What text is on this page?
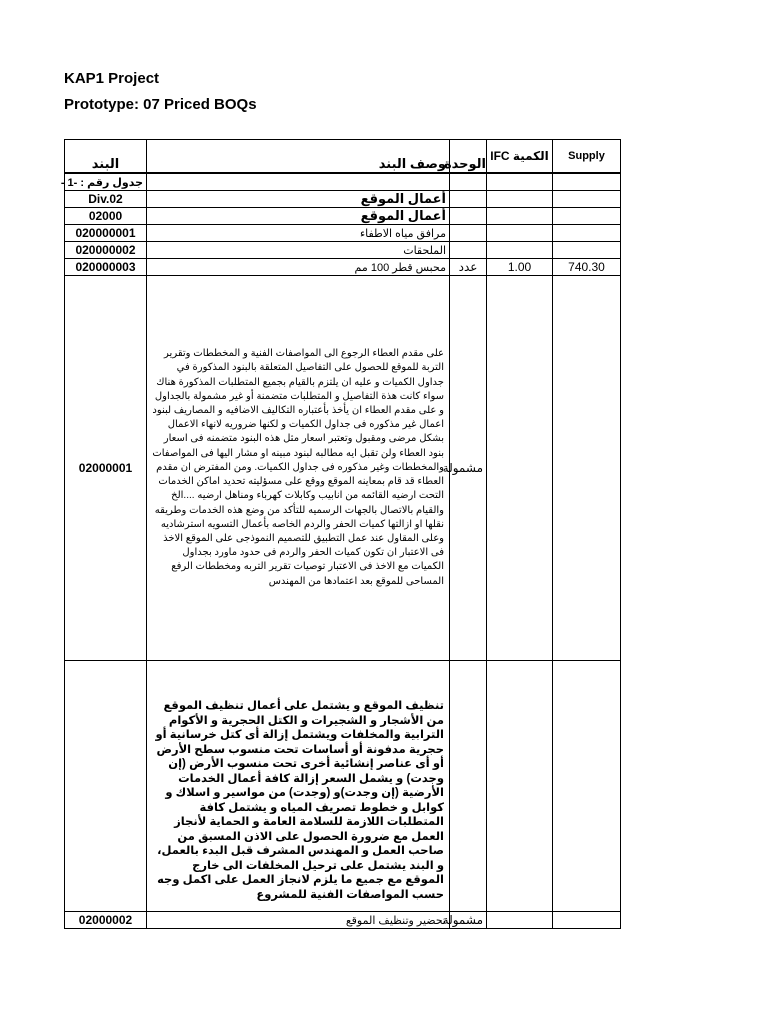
KAP1 Project
Prototype: 07 Priced BOQs
البند	وصف البند	الوحدة	الكمية IFC	Supply
جدول رقم : -1 -				
Div.02	أعمال الموقع			
02000	أعمال الموقع			
020000001	مرافق مياه الاطفاء			
020000002	الملحقات			
020000003	محبس قطر 100 مم	عدد	1.00	740.30
02000001	على مقدم العطاء الرجوع الى المواصفات الفنية و المخططات وتقرير التربة للموقع للحصول على التفاصيل المتعلقة بالبنود المذكورة في جداول الكميات و عليه ان يلتزم بالقيام بجميع المتطلبات المذكورة هناك سواء كانت هذة التفاصيل و المتطلبات متضمنة أو غير مشمولة بالجداول و على مقدم العطاء ان يأخذ بأعتباره التكاليف الاضافيه و المصاريف لبنود اعمال غير مذكوره فى جداول الكميات و لكنها ضروريه لانهاء الاعمال بشكل مرضى ومقبول وتعتبر اسعار مثل هذه البنود متضمنه فى اسعار بنود العطاء ولن تقبل ايه مطالبه لبنود مبينه او مشار اليها فى المواصفات والمخططات وغير مذكوره فى جداول الكميات. ومن المفترض ان مقدم العطاء قد قام بمعاينه الموقع ووقع على مسؤليته تحديد اماكن الخدمات التحت ارضيه القائمه من انابيب وكابلات كهرباء ومناهل ارضيه ....الخ والقيام بالاتصال بالجهات الرسميه للتأكد من وضع هذه الخدمات وطريقه نقلها او ازالتها كميات الحفر والردم الخاصه بأعمال التسويه استرشاديه وعلى المقاول عند عمل التطبيق للتصميم النموذجى على الموقع الاخذ فى الاعتبار ان تكون كميات الحفر والردم فى حدود ماورد بجداول الكميات مع الاخذ فى الاعتبار توصيات تقرير التربه ومخططات الرفع المساحى للموقع بعد اعتمادها من المهندس	مشمولة		

	تنظيف الموقع و يشتمل على أعمال تنظيف الموقع من الأشجار و الشجيرات و الكتل الحجرية و الأكوام الترابية والمخلفات ويشتمل إزالة أى كتل خرسانية أو حجرية مدفونة أو أساسات تحت منسوب سطح الأرض أو أى عناصر إنشائية أخرى تحت منسوب الأرض (إن وجدت) و يشمل السعر إزالة كافة أعمال الخدمات الأرضية (إن وجدت)و (وجدت) من مواسير و اسلاك و كوابل و خطوط تصريف المياه و يشتمل كافة المتطلبات اللازمة للسلامة العامة و الحماية لأنجاز العمل مع ضرورة الحصول على الاذن المسبق من صاحب العمل و المهندس المشرف قبل البدء بالعمل، و البند يشتمل على ترحيل المخلفات الى خارج الموقع مع جميع ما يلزم لانجاز العمل على اكمل وجه حسب المواصفات الفنية للمشروع			

02000002	تحضير وتنظيف الموقع	مشمولة		
